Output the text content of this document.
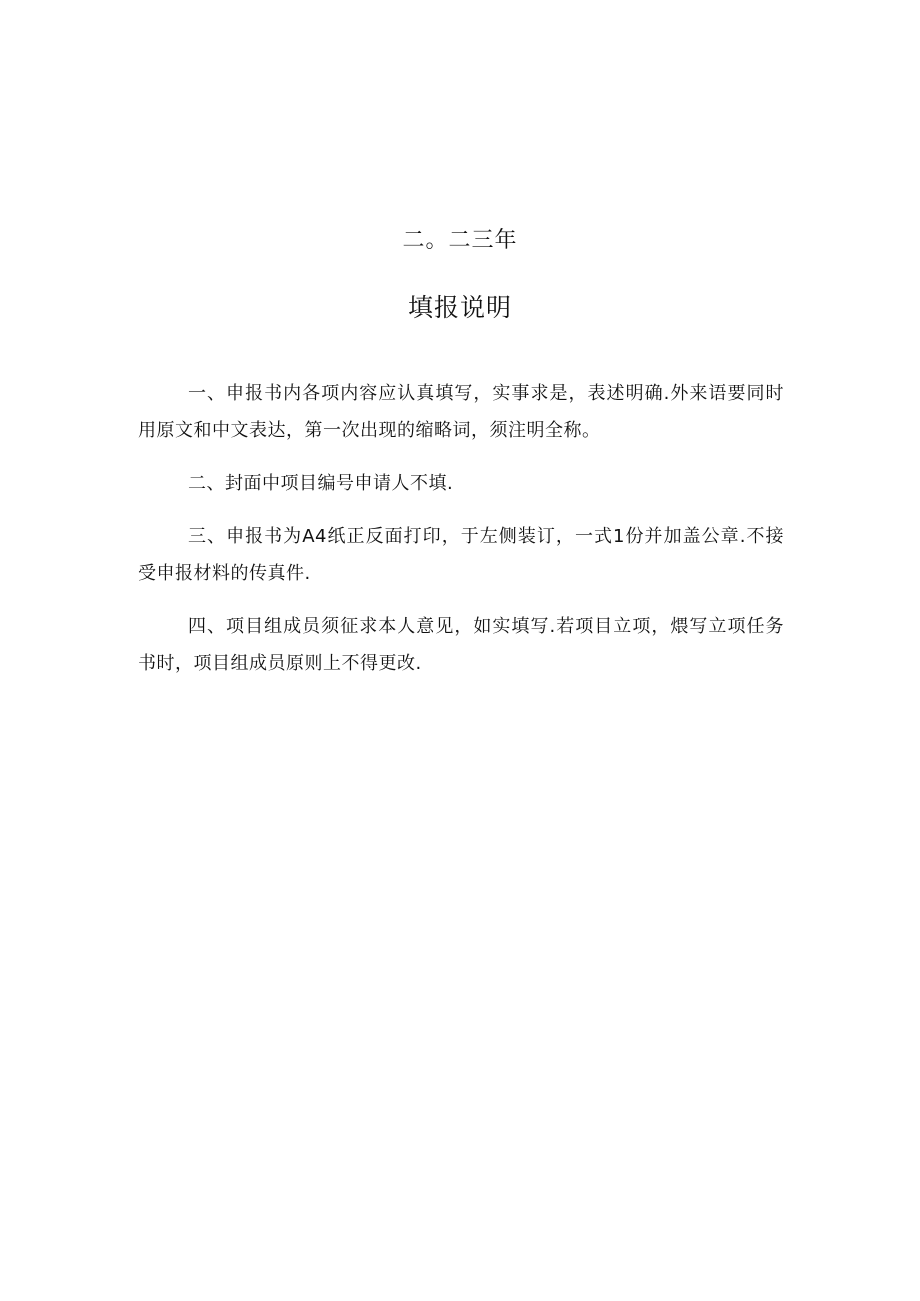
二。二三年
填报说明

一、申报书内各项内容应认真填写，实事求是，表述明确.外来语要同时用原文和中文表达，第一次出现的缩略词，须注明全称。

二、封面中项目编号申请人不填.

三、申报书为A4纸正反面打印，于左侧装订，一式1份并加盖公章.不接受申报材料的传真件.

四、项目组成员须征求本人意见，如实填写.若项目立项，煨写立项任务书时，项目组成员原则上不得更改.
